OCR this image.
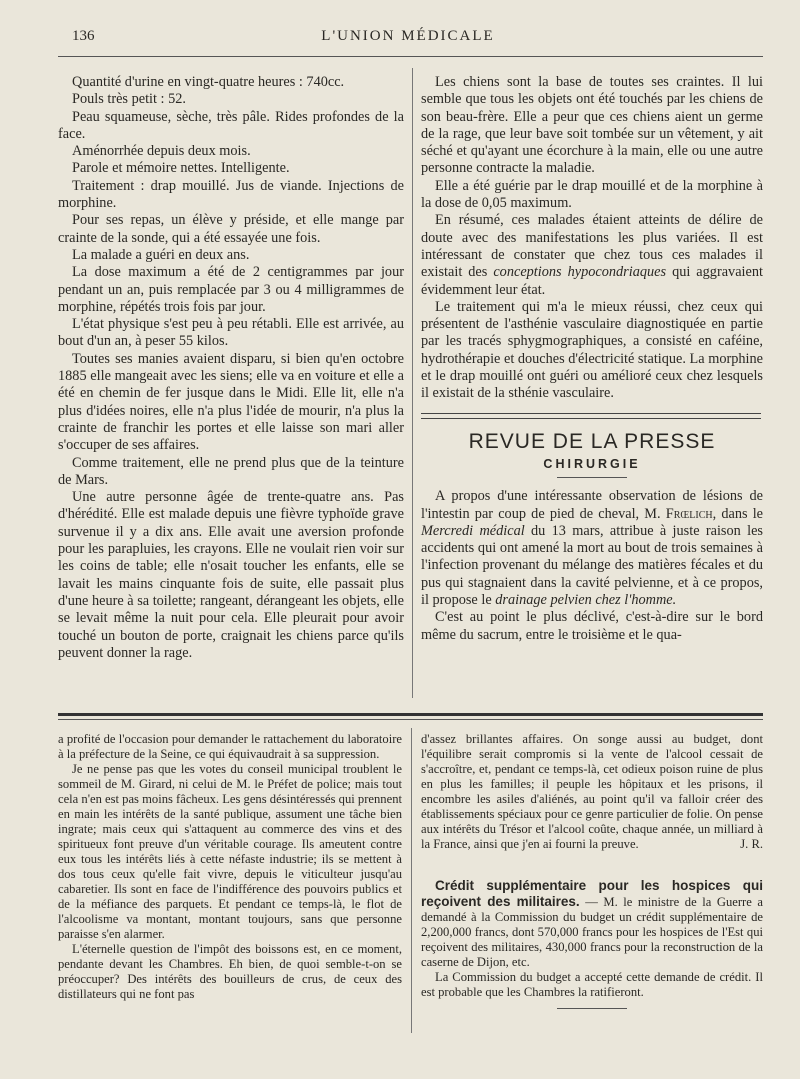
136	L'UNION MÉDICALE

Quantité d'urine en vingt-quatre heures : 740cc.

Pouls très petit : 52.

Peau squameuse, sèche, très pâle. Rides profondes de la face.

Aménorrhée depuis deux mois.

Parole et mémoire nettes. Intelligente.

Traitement : drap mouillé. Jus de viande. Injections de morphine.

Pour ses repas, un élève y préside, et elle mange par crainte de la sonde, qui a été essayée une fois.

La malade a guéri en deux ans.

La dose maximum a été de 2 centigrammes par jour pendant un an, puis remplacée par 3 ou 4 milligrammes de morphine, répétés trois fois par jour.

L'état physique s'est peu à peu rétabli. Elle est arrivée, au bout d'un an, à peser 55 kilos.

Toutes ses manies avaient disparu, si bien qu'en octobre 1885 elle mangeait avec les siens; elle va en voiture et elle a été en chemin de fer jusque dans le Midi. Elle lit, elle n'a plus d'idées noires, elle n'a plus l'idée de mourir, n'a plus la crainte de franchir les portes et elle laisse son mari aller s'occuper de ses affaires.

Comme traitement, elle ne prend plus que de la teinture de Mars.

Une autre personne âgée de trente-quatre ans. Pas d'hérédité. Elle est malade depuis une fièvre typhoïde grave survenue il y a dix ans. Elle avait une aversion profonde pour les parapluies, les crayons. Elle ne voulait rien voir sur les coins de table; elle n'osait toucher les enfants, elle se lavait les mains cinquante fois de suite, elle passait plus d'une heure à sa toilette; rangeant, dérangeant les objets, elle se levait même la nuit pour cela. Elle pleurait pour avoir touché un bouton de porte, craignait les chiens parce qu'ils peuvent donner la rage.

Les chiens sont la base de toutes ses craintes. Il lui semble que tous les objets ont été touchés par les chiens de son beau-frère. Elle a peur que ces chiens aient un germe de la rage, que leur bave soit tombée sur un vêtement, y ait séché et qu'ayant une écorchure à la main, elle ou une autre personne contracte la maladie.

Elle a été guérie par le drap mouillé et de la morphine à la dose de 0,05 maximum.

En résumé, ces malades étaient atteints de délire de doute avec des manifestations les plus variées. Il est intéressant de constater que chez tous ces malades il existait des conceptions hypocondriaques qui aggravaient évidemment leur état.

Le traitement qui m'a le mieux réussi, chez ceux qui présentent de l'asthénie vasculaire diagnostiquée en partie par les tracés sphygmographiques, a consisté en caféine, hydrothérapie et douches d'électricité statique. La morphine et le drap mouillé ont guéri ou amélioré ceux chez lesquels il existait de la sthénie vasculaire.

REVUE DE LA PRESSE
CHIRURGIE

A propos d'une intéressante observation de lésions de l'intestin par coup de pied de cheval, M. Frœlich, dans le Mercredi médical du 13 mars, attribue à juste raison les accidents qui ont amené la mort au bout de trois semaines à l'infection provenant du mélange des matières fécales et du pus qui stagnaient dans la cavité pelvienne, et à ce propos, il propose le drainage pelvien chez l'homme.

C'est au point le plus déclivé, c'est-à-dire sur le bord même du sacrum, entre le troisième et le qua-

a profité de l'occasion pour demander le rattachement du laboratoire à la préfecture de la Seine, ce qui équivaudrait à sa suppression.

Je ne pense pas que les votes du conseil municipal troublent le sommeil de M. Girard, ni celui de M. le Préfet de police; mais tout cela n'en est pas moins fâcheux. Les gens désintéressés qui prennent en main les intérêts de la santé publique, assument une tâche bien ingrate; mais ceux qui s'attaquent au commerce des vins et des spiritueux font preuve d'un véritable courage. Ils ameutent contre eux tous les intérêts liés à cette néfaste industrie; ils se mettent à dos tous ceux qu'elle fait vivre, depuis le viticulteur jusqu'au cabaretier. Ils sont en face de l'indifférence des pouvoirs publics et de la méfiance des parquets. Et pendant ce temps-là, le flot de l'alcoolisme va montant, montant toujours, sans que personne paraisse s'en alarmer.

L'éternelle question de l'impôt des boissons est, en ce moment, pendante devant les Chambres. Eh bien, de quoi semble-t-on se préoccuper? Des intérêts des bouilleurs de crus, de ceux des distillateurs qui ne font pas

d'assez brillantes affaires. On songe aussi au budget, dont l'équilibre serait compromis si la vente de l'alcool cessait de s'accroître, et, pendant ce temps-là, cet odieux poison ruine de plus en plus les familles; il peuple les hôpitaux et les prisons, il encombre les asiles d'aliénés, au point qu'il va falloir créer des établissements spéciaux pour ce genre particulier de folie. On pense aux intérêts du Trésor et l'alcool coûte, chaque année, un milliard à la France, ainsi que j'en ai fourni la preuve.	J. R.

Crédit supplémentaire pour les hospices qui reçoivent des militaires. — M. le ministre de la Guerre a demandé à la Commission du budget un crédit supplémentaire de 2,200,000 francs, dont 570,000 francs pour les hospices de l'Est qui reçoivent des militaires, 430,000 francs pour la reconstruction de la caserne de Dijon, etc.

La Commission du budget a accepté cette demande de crédit. Il est probable que les Chambres la ratifieront.
